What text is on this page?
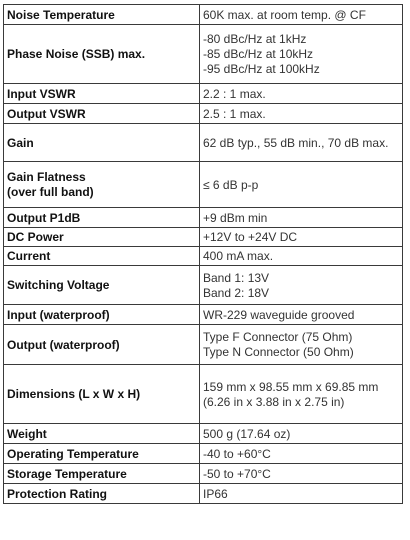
Noise Temperature	60K max. at room temp. @ CF

Phase Noise (SSB) max.	-80 dBc/Hz at 1kHz
-85 dBc/Hz at 10kHz
-95 dBc/Hz at 100kHz

Input VSWR	2.2 : 1 max.

Output VSWR	2.5 : 1 max.

Gain	62 dB typ., 55 dB min., 70 dB max.

Gain Flatness
(over full band)	≤ 6 dB p-p

Output P1dB	+9 dBm min

DC Power	+12V to +24V DC

Current	400 mA max.

Switching Voltage	Band 1: 13V
Band 2: 18V

Input (waterproof)	WR-229 waveguide grooved

Output (waterproof)	Type F Connector (75 Ohm)
Type N Connector (50 Ohm)

Dimensions (L x W x H)	159 mm x 98.55 mm x 69.85 mm
(6.26 in x 3.88 in x 2.75 in)

Weight	500 g (17.64 oz)

Operating Temperature	-40 to +60°C

Storage Temperature	-50 to +70°C

Protection Rating	IP66
